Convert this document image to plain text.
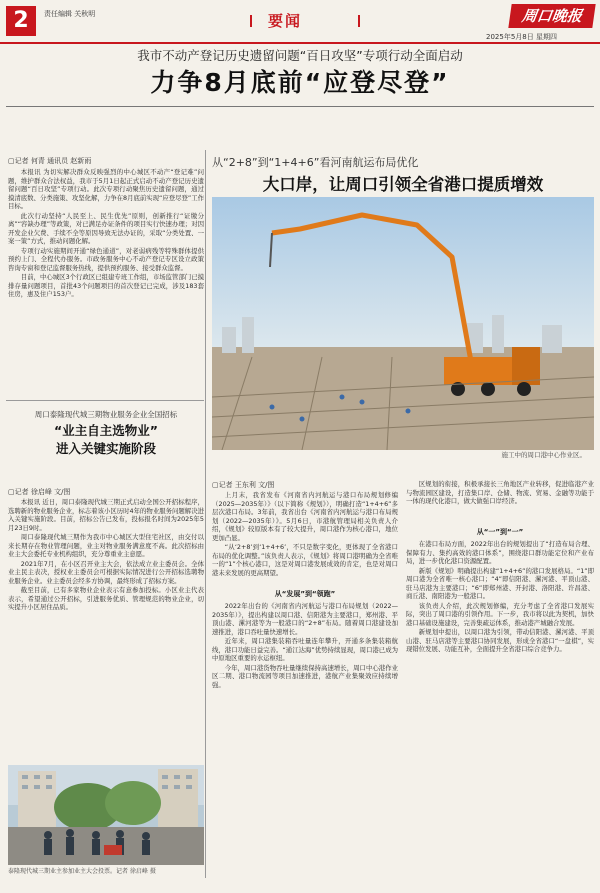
2	责任编辑 关秋明	要闻	周口晚报
2025年5月8日 星期四
我市不动产登记历史遗留问题“百日攻坚”专项行动全面启动
力争8月底前“应登尽登”
▢记者 何青 通讯员 赵新雨

本报讯 为切实解决群众反映强烈的中心城区不动产“登记难”问题，维护群众合法权益，我市于5月1日起正式启动不动产登记历史遗留问题“百日攻坚”专项行动。此次专项行动聚焦历史遗留问题，通过摸清底数、分类施策、攻坚化解，力争在8月底前实现“应登尽登”工作目标。

此次行动坚持“人民至上、民生优先”原则，创新推行“证缴分离”“容缺办理”等政策，对已满足办证条件的项目实行快速办理；对因开发企业欠费、手续不全等原因导致无法办证的，采取“分类处置、一案一策”方式，推动问题化解。

专项行动实施期间开通“绿色通道”，对老弱病残等特殊群体提供预约上门、全程代办服务。市政务服务中心不动产登记专区设立政策咨询专窗和登记监督服务热线，提供预约服务、接受群众监督。

目前，中心城区3个行政区已组建专班工作组，市场监管部门已摸排存量问题项目，首批43个问题项目的首次登记已完成，涉及183套住房，惠及住户153户。

周口泰隆现代城三期物业服务企业全国招标
“业主自主选物业”
进入关键实施阶段
▢记者 徐启峰 文/图

本报讯 近日，周口泰隆现代城三期正式启动全国公开招标程序，选聘新的物业服务企业，标志着该小区历时4年的物业服务问题解决进入关键实施阶段。目前，招标公告已发布，投标报名时间为2025年5月23日9时。

周口泰隆现代城三期作为我市中心城区大型住宅社区，由交付以来长期存在物业管理问题，业主对物业服务满意度不高。此次招标由业主大会委托专业机构组织，充分尊重业主意愿。

2021年7月，在小区召开业主大会，依法成立业主委员会。全体业主民主表决，授权业主委员会可根据实际情况进行公开招标选聘物业服务企业。业主委员会经多方协调，最终形成了招标方案。

截至目前，已有多家物业企业表示有意参加投标。小区业主代表表示，希望通过公开招标，引进服务优质、管理规范的物业企业，切实提升小区居住品质。

泰隆现代城三期业主参加业主大会投票。记者 徐启峰 摄
从“2+8”到“1+4+6”看河南航运布局优化
大口岸，让周口引领全省港口提质增效
施工中的周口港中心作业区。
▢记者 王东利 文/图

上月末，我省发布《河南省内河航运与港口布局规划修编（2025—2035年）》（以下简称《规划》），明确打造“1+4+6”多层次港口布局。3年前，我省出台《河南省内河航运与港口布局规划（2022—2035年）》。5月6日，市港航管理局相关负责人介绍，《规划》较原版本有了较大提升，周口港作为核心港口，地位更加凸显。

“从‘2+8’到‘1+4+6’，不只是数字变化，更体现了全省港口布局的优化调整。”该负责人表示，《规划》将周口港明确为全省唯一的“1”个核心港口，这是对周口港发展成效的肯定，也是对周口港未来发展的更高期望。

从“发展”到“领跑”

2022年出台的《河南省内河航运与港口布局规划（2022—2035年）》，提出构建以周口港、信阳港为主要港口，郑州港、平顶山港、漯河港等为一般港口的“2+8”布局。随着周口港建设加速推进，港口吞吐量快速增长。

近年来，周口港集装箱吞吐量连年攀升，开通多条集装箱航线，港口功能日益完善。“通江达海”优势持续显现，周口港已成为中原地区重要的水运枢纽。

今年，周口港货物吞吐量继续保持高速增长，周口中心港作业区二期、港口物流园等项目加速推进，港航产业集聚效应持续增强。

区规划的衔接，积极承接长三角地区产业转移，促进临港产业与物流园区建设，打造集口岸、仓储、物流、贸易、金融等功能于一体的现代化港口，做大做强口岸经济。

从“一”到“一”

在港口布局方面，2022年出台的规划提出了“打造布局合理、保障有力、集约高效的港口体系”，围绕港口群功能定位和产业布局，进一步优化港口资源配置。

新版《规划》明确提出构建“1+4+6”的港口发展格局。“1”即周口港为全省唯一核心港口；“4”即信阳港、漯河港、平顶山港、驻马店港为主要港口；“6”即郑州港、开封港、洛阳港、许昌港、商丘港、南阳港为一般港口。

该负责人介绍，此次规划修编，充分考虑了全省港口发展实际，突出了周口港的引领作用。下一步，我市将以此为契机，加快港口基础设施建设，完善集疏运体系，推动港产城融合发展。

新规划中提出，以周口港为引领，带动信阳港、漯河港、平顶山港、驻马店港等主要港口协同发展，形成全省港口“一盘棋”，实现错位发展、功能互补，全面提升全省港口综合竞争力。
